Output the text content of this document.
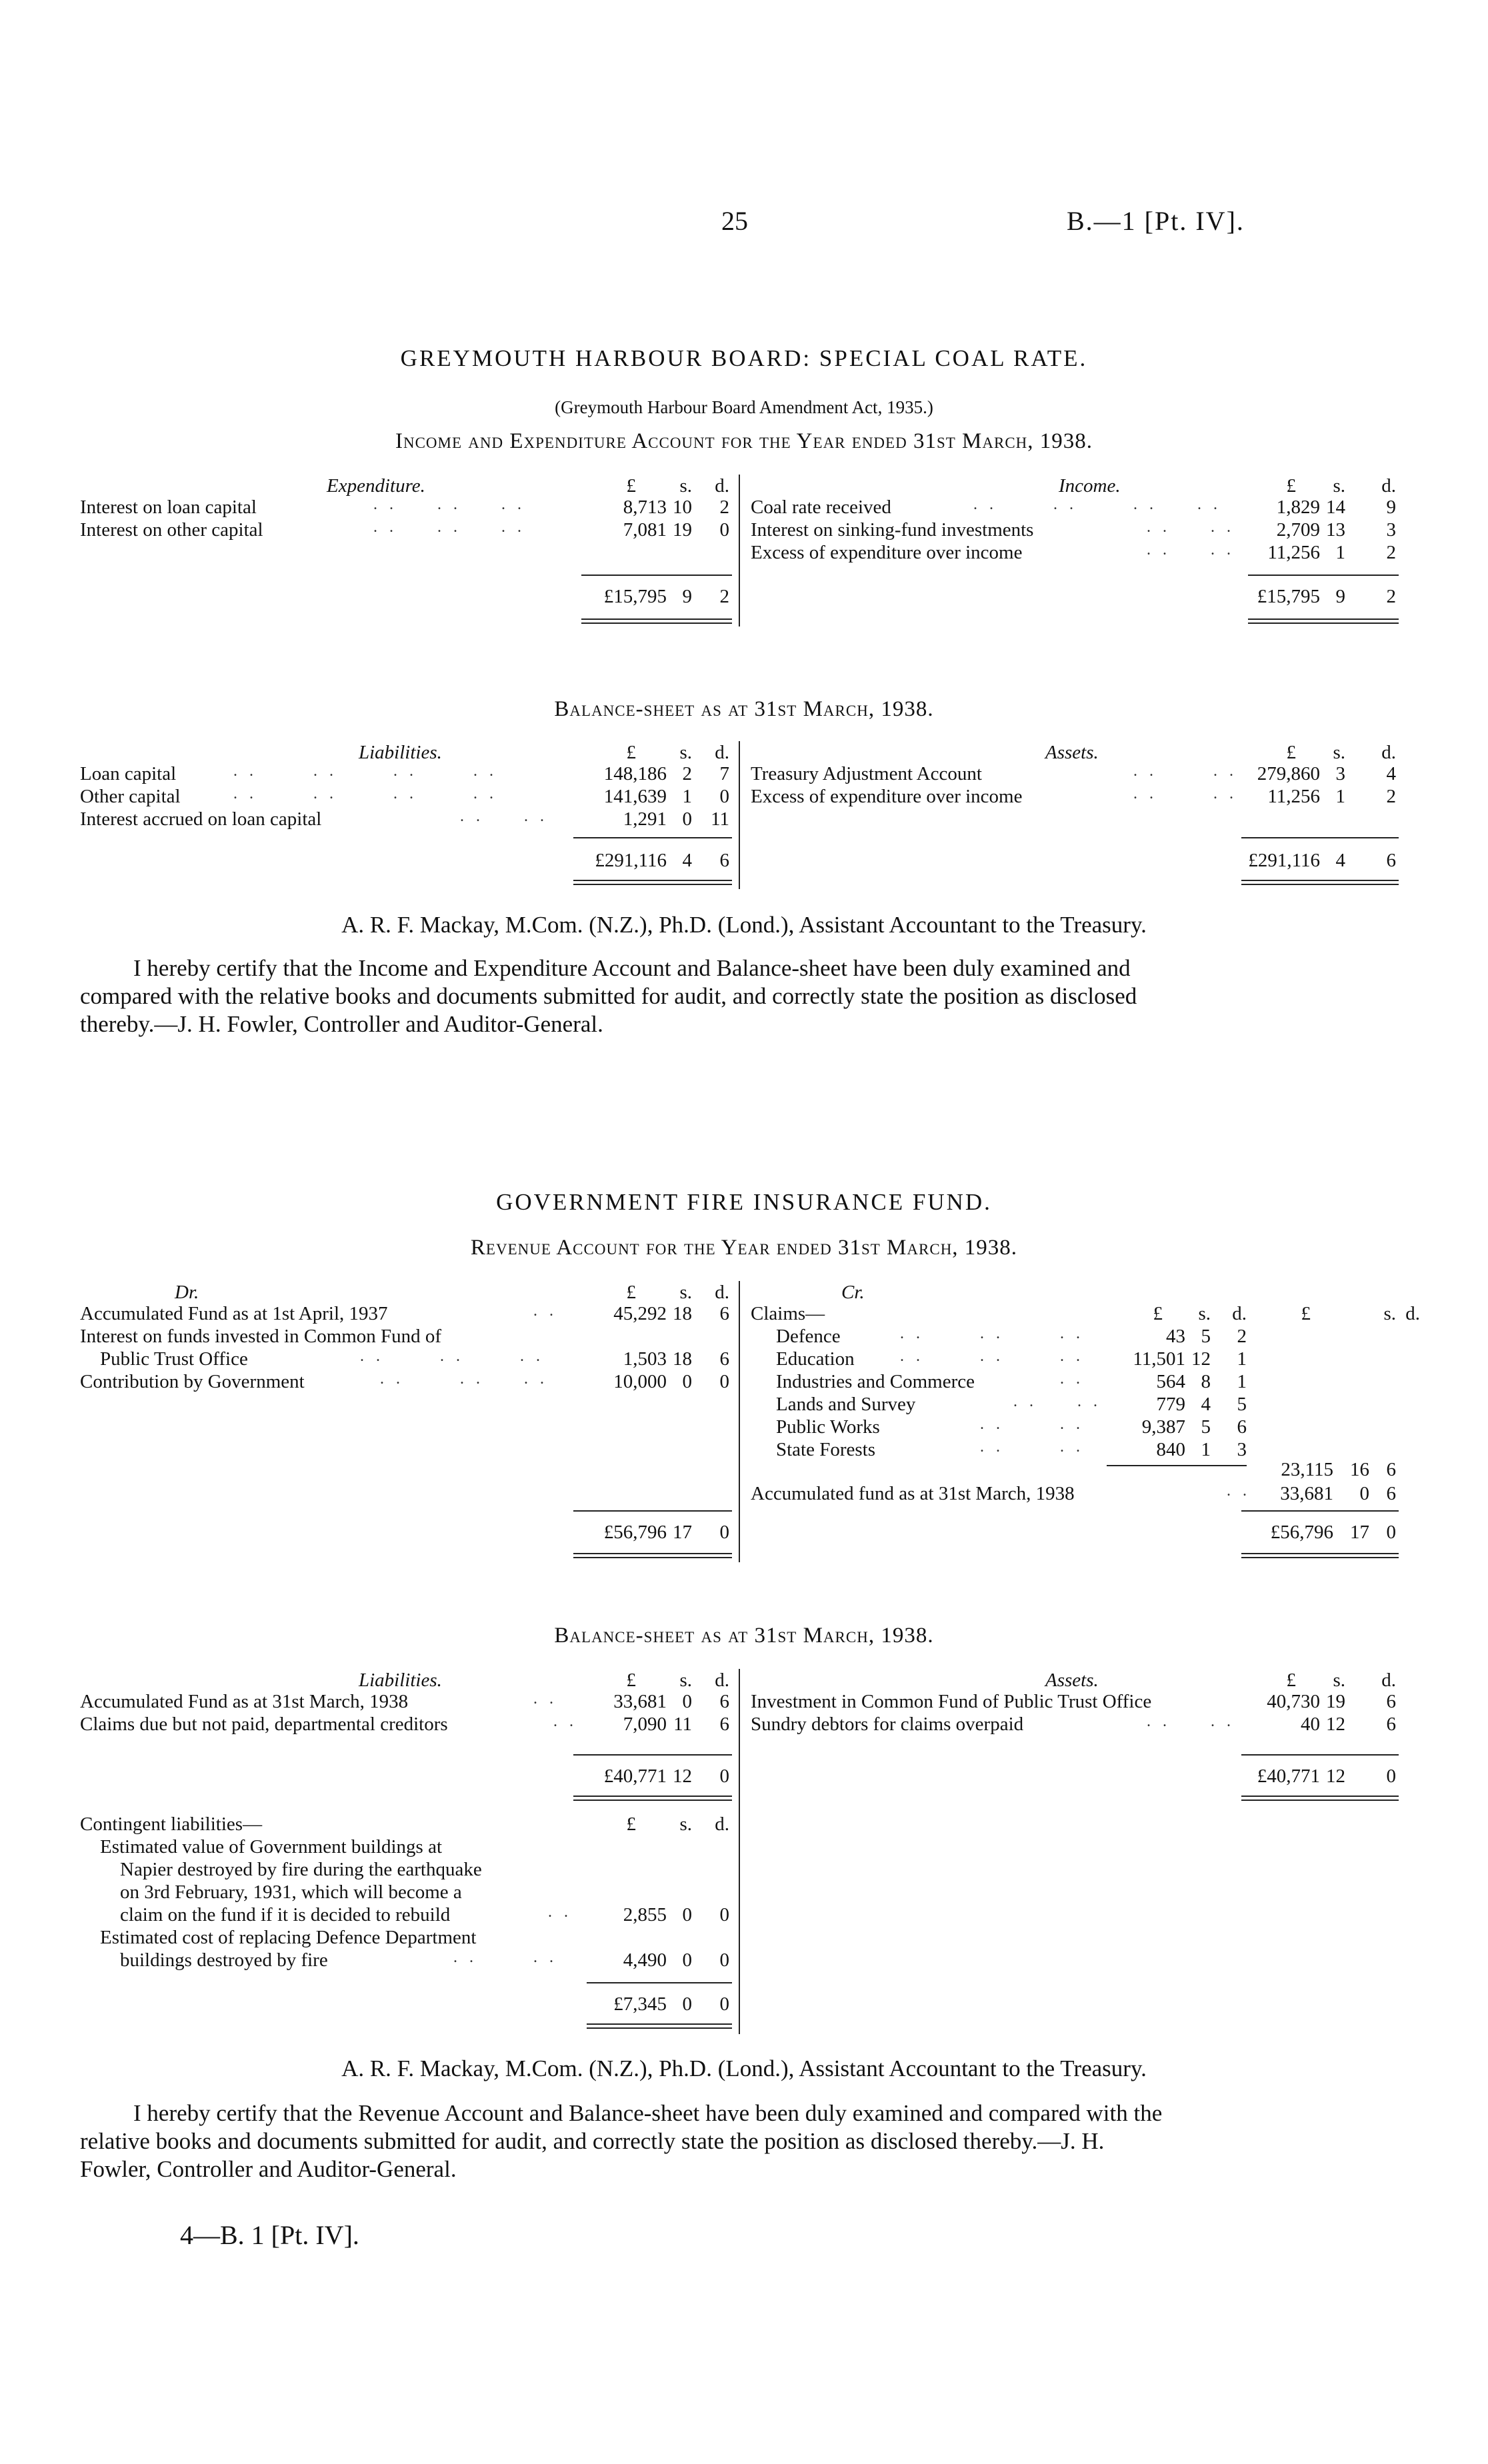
25	B.—1 [Pt. IV].
GREYMOUTH HARBOUR BOARD: SPECIAL COAL RATE.
(Greymouth Harbour Board Amendment Act, 1935.)
Income and Expenditure Account for the Year ended 31st March, 1938.
Expenditure.	£	s.	d.	Income.	£	s.	d.
Interest on loan capital	..  ..  ..	8,713 10	2
Interest on other capital	..  ..  ..	7,081 19	0
£15,795 9	2
Coal rate received	..   ..   ..  ..	1,829 14	9
Interest on sinking-fund investments	..  ..	2,709 13	3
Excess of expenditure over income	..  ..	11,256 1	2
£15,795 9	2
Balance-sheet as at 31st March, 1938.
Liabilities.	£	s.	d.	Assets.	£	s.	d.
Loan capital	..   ..   ..   ..	148,186 2	7
Other capital	..   ..   ..   ..	141,639 1	0
Interest accrued on loan capital	..  ..	1,291 0 11
£291,116 4	6
Treasury Adjustment Account	..   .. 279,860 3	4
Excess of expenditure over income	..   ..	11,256 1	2
£291,116 4	6
A. R. F. Mackay, M.Com. (N.Z.), Ph.D. (Lond.), Assistant Accountant to the Treasury.
I hereby certify that the Income and Expenditure Account and Balance-sheet have been duly examined and
compared with the relative books and documents submitted for audit, and correctly state the position as disclosed
thereby.—J. H. Fowler, Controller and Auditor-General.
GOVERNMENT FIRE INSURANCE FUND.
Revenue Account for the Year ended 31st March, 1938.
Dr.	£	s.	d.	Cr.
Accumulated Fund as at 1st April, 1937	..	45,292 18	6
Interest on funds invested in Common Fund of
Public Trust Office	..   ..   ..	1,503 18	6
Contribution by Government	..   ..  ..	10,000 0	0
£56,796 17	0
Claims—	£	s.	d.	£	s. d.
Defence	..   ..   ..	43 5	2
Education	..   ..   ..	11,501 12	1
Industries and Commerce	..	564 8	1
Lands and Survey	..  ..	779 4	5
Public Works	..   ..	9,387 5	6
State Forests	..   ..	840 1	3
23,115 16 6
Accumulated fund as at 31st March, 1938	..	33,681	0 6
£56,796 17 0
Balance-sheet as at 31st March, 1938.
Liabilities.	£	s.	d.	Assets.	£	s.	d.
Accumulated Fund as at 31st March, 1938	..	33,681 0	6
Claims due but not paid, departmental creditors	..	7,090 11	6
£40,771 12	0
Investment in Common Fund of Public Trust Office	40,730 19	6
Sundry debtors for claims overpaid	..  ..	40 12	6
£40,771 12	0
Contingent liabilities—	£	s.	d.
Estimated value of Government buildings at
Napier destroyed by fire during the earthquake
on 3rd February, 1931, which will become a
claim on the fund if it is decided to rebuild	..	2,855 0	0
Estimated cost of replacing Defence Department
buildings destroyed by fire	..   ..	4,490 0	0
£7,345 0	0
A. R. F. Mackay, M.Com. (N.Z.), Ph.D. (Lond.), Assistant Accountant to the Treasury.
I hereby certify that the Revenue Account and Balance-sheet have been duly examined and compared with the
relative books and documents submitted for audit, and correctly state the position as disclosed thereby.—J. H.
Fowler, Controller and Auditor-General.
4—B. 1 [Pt. IV].
